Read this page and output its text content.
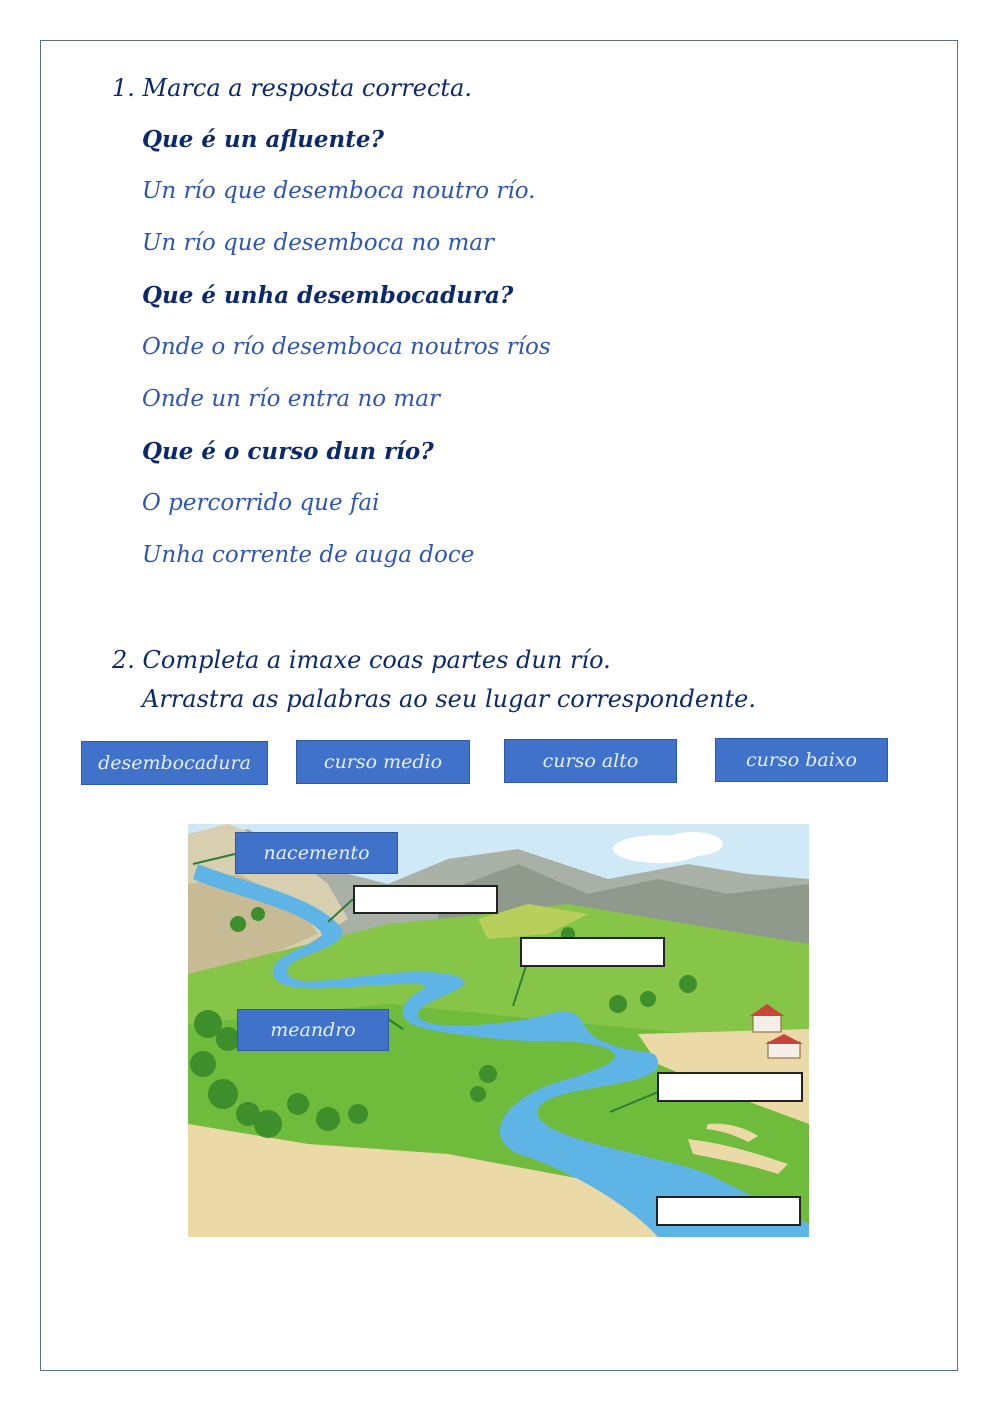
1. Marca a resposta correcta.
Que é un afluente?
Un río que desemboca noutro río.
Un río que desemboca no mar
Que é unha desembocadura?
Onde o río desemboca noutros ríos
Onde un río entra no mar
Que é o curso dun río?
O percorrido que fai
Unha corrente de auga doce
2. Completa a imaxe coas partes dun río.
Arrastra as palabras ao seu lugar correspondente.
desembocadura	curso medio	curso alto	curso baixo
nacemento
meandro
